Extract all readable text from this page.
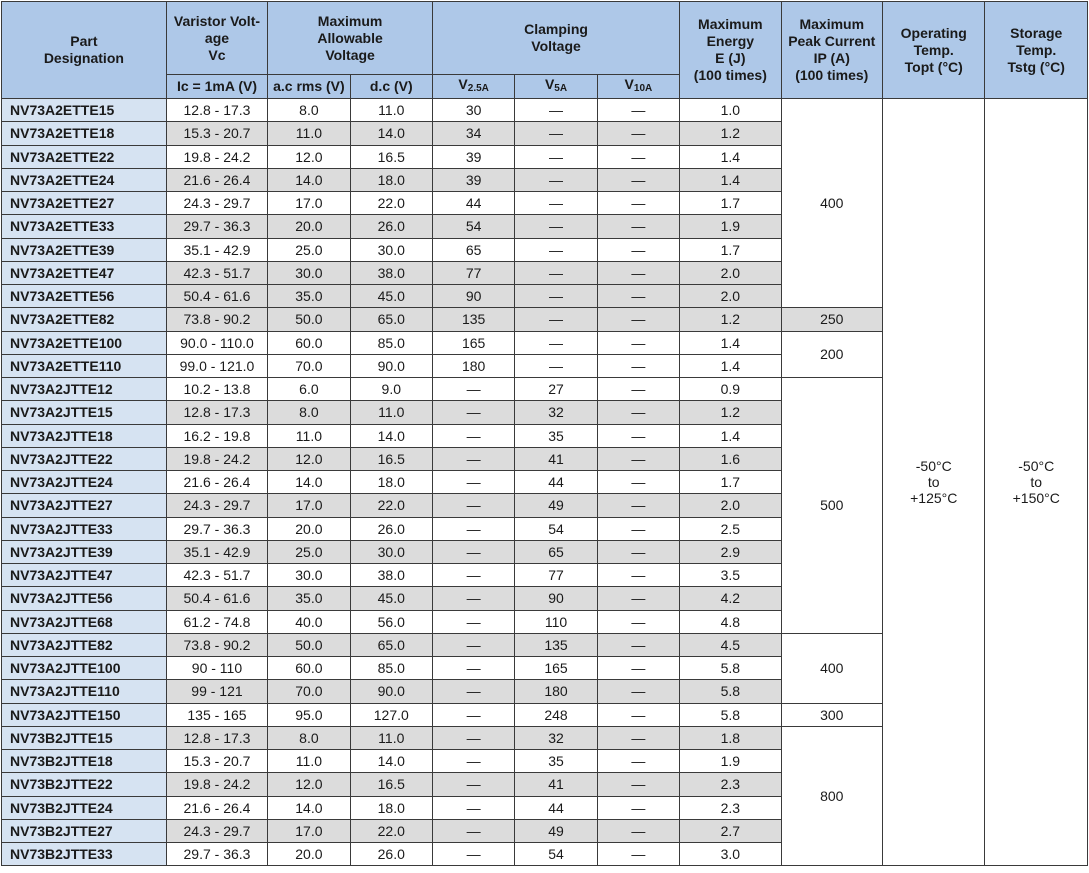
Part
Designation	Varistor Volt-
age
Vc	Maximum
Allowable
Voltage		Clamping
Voltage			Maximum
Energy
E (J)
(100 times)	Maximum
Peak Current
IP (A)
(100 times)	Operating
Temp.
Topt (°C)	Storage
Temp.
Tstg (°C)
	Ic = 1mA (V)	a.c rms (V)	d.c (V)	$V_{2.5A}$	$V_{5A}$	$V_{10A}$
NV73A2ETTE15	12.8 - 17.3	8.0	11.0	30	—	—	1.0	400	-50°C
to
+125°C	-50°C
to
+150°C
NV73A2ETTE18	15.3 - 20.7	11.0	14.0	34	—	—	1.2			
NV73A2ETTE22	19.8 - 24.2	12.0	16.5	39	—	—	1.4			
NV73A2ETTE24	21.6 - 26.4	14.0	18.0	39	—	—	1.4			
NV73A2ETTE27	24.3 - 29.7	17.0	22.0	44	—	—	1.7			
NV73A2ETTE33	29.7 - 36.3	20.0	26.0	54	—	—	1.9			
NV73A2ETTE39	35.1 - 42.9	25.0	30.0	65	—	—	1.7			
NV73A2ETTE47	42.3 - 51.7	30.0	38.0	77	—	—	2.0			
NV73A2ETTE56	50.4 - 61.6	35.0	45.0	90	—	—	2.0			
NV73A2ETTE82	73.8 - 90.2	50.0	65.0	135	—	—	1.2	250		
NV73A2ETTE100	90.0 - 110.0	60.0	85.0	165	—	—	1.4	200		
NV73A2ETTE110	99.0 - 121.0	70.0	90.0	180	—	—	1.4			
NV73A2JTTE12	10.2 - 13.8	6.0	9.0	—	27	—	0.9	500		
NV73A2JTTE15	12.8 - 17.3	8.0	11.0	—	32	—	1.2			
NV73A2JTTE18	16.2 - 19.8	11.0	14.0	—	35	—	1.4			
NV73A2JTTE22	19.8 - 24.2	12.0	16.5	—	41	—	1.6			
NV73A2JTTE24	21.6 - 26.4	14.0	18.0	—	44	—	1.7			
NV73A2JTTE27	24.3 - 29.7	17.0	22.0	—	49	—	2.0			
NV73A2JTTE33	29.7 - 36.3	20.0	26.0	—	54	—	2.5			
NV73A2JTTE39	35.1 - 42.9	25.0	30.0	—	65	—	2.9			
NV73A2JTTE47	42.3 - 51.7	30.0	38.0	—	77	—	3.5			
NV73A2JTTE56	50.4 - 61.6	35.0	45.0	—	90	—	4.2			
NV73A2JTTE68	61.2 - 74.8	40.0	56.0	—	110	—	4.8			
NV73A2JTTE82	73.8 - 90.2	50.0	65.0	—	135	—	4.5	400		
NV73A2JTTE100	90 - 110	60.0	85.0	—	165	—	5.8			
NV73A2JTTE110	99 - 121	70.0	90.0	—	180	—	5.8			
NV73A2JTTE150	135 - 165	95.0	127.0	—	248	—	5.8	300		
NV73B2JTTE15	12.8 - 17.3	8.0	11.0	—	32	—	1.8	800		
NV73B2JTTE18	15.3 - 20.7	11.0	14.0	—	35	—	1.9			
NV73B2JTTE22	19.8 - 24.2	12.0	16.5	—	41	—	2.3			
NV73B2JTTE24	21.6 - 26.4	14.0	18.0	—	44	—	2.3			
NV73B2JTTE27	24.3 - 29.7	17.0	22.0	—	49	—	2.7			
NV73B2JTTE33	29.7 - 36.3	20.0	26.0	—	54	—	3.0			
